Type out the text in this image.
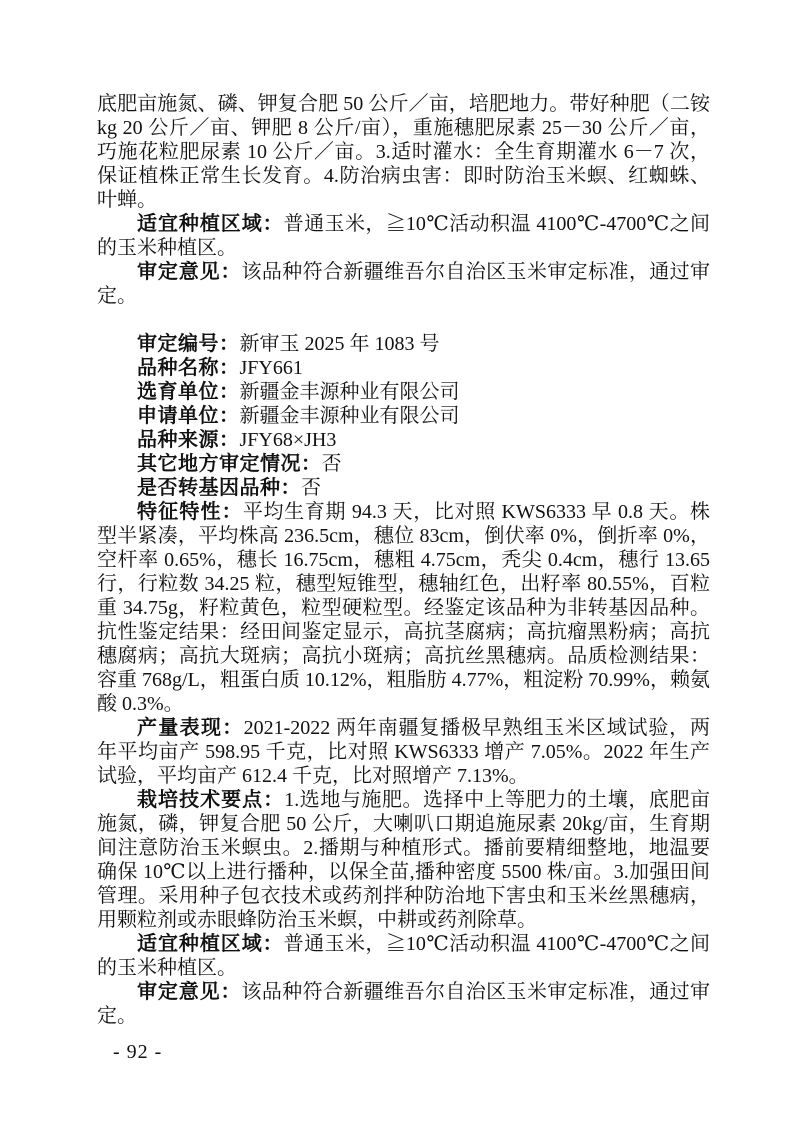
底肥亩施氮、磷、钾复合肥 50 公斤／亩，培肥地力。带好种肥（二铵kg 20 公斤／亩、钾肥 8 公斤/亩），重施穗肥尿素 25－30 公斤／亩，巧施花粒肥尿素 10 公斤／亩。3.适时灌水：全生育期灌水 6－7 次，保证植株正常生长发育。4.防治病虫害：即时防治玉米螟、红蜘蛛、叶蝉。

适宜种植区域：普通玉米，≧10℃活动积温 4100℃-4700℃之间的玉米种植区。

审定意见：该品种符合新疆维吾尔自治区玉米审定标准，通过审定。

审定编号：新审玉 2025 年 1083 号

品种名称：JFY661

选育单位：新疆金丰源种业有限公司

申请单位：新疆金丰源种业有限公司

品种来源：JFY68×JH3

其它地方审定情况：否

是否转基因品种：否

特征特性：平均生育期 94.3 天，比对照 KWS6333 早 0.8 天。株型半紧凑，平均株高 236.5cm，穗位 83cm，倒伏率 0%，倒折率 0%，空杆率 0.65%，穗长 16.75cm，穗粗 4.75cm，秃尖 0.4cm，穗行 13.65 行，行粒数 34.25 粒，穗型短锥型，穗轴红色，出籽率 80.55%，百粒重 34.75g，籽粒黄色，粒型硬粒型。经鉴定该品种为非转基因品种。抗性鉴定结果：经田间鉴定显示，高抗茎腐病；高抗瘤黑粉病；高抗穗腐病；高抗大斑病；高抗小斑病；高抗丝黑穗病。品质检测结果：容重 768g/L，粗蛋白质 10.12%，粗脂肪 4.77%，粗淀粉 70.99%，赖氨酸 0.3%。

产量表现：2021-2022 两年南疆复播极早熟组玉米区域试验，两年平均亩产 598.95 千克，比对照 KWS6333 增产 7.05%。2022 年生产试验，平均亩产 612.4 千克，比对照增产 7.13%。

栽培技术要点：1.选地与施肥。选择中上等肥力的土壤，底肥亩施氮，磷，钾复合肥 50 公斤，大喇叭口期追施尿素 20kg/亩，生育期间注意防治玉米螟虫。2.播期与种植形式。播前要精细整地，地温要确保 10℃以上进行播种，以保全苗,播种密度 5500 株/亩。3.加强田间管理。采用种子包衣技术或药剂拌种防治地下害虫和玉米丝黑穗病，用颗粒剂或赤眼蜂防治玉米螟，中耕或药剂除草。

适宜种植区域：普通玉米，≧10℃活动积温 4100℃-4700℃之间的玉米种植区。

审定意见：该品种符合新疆维吾尔自治区玉米审定标准，通过审定。

- 92 -
